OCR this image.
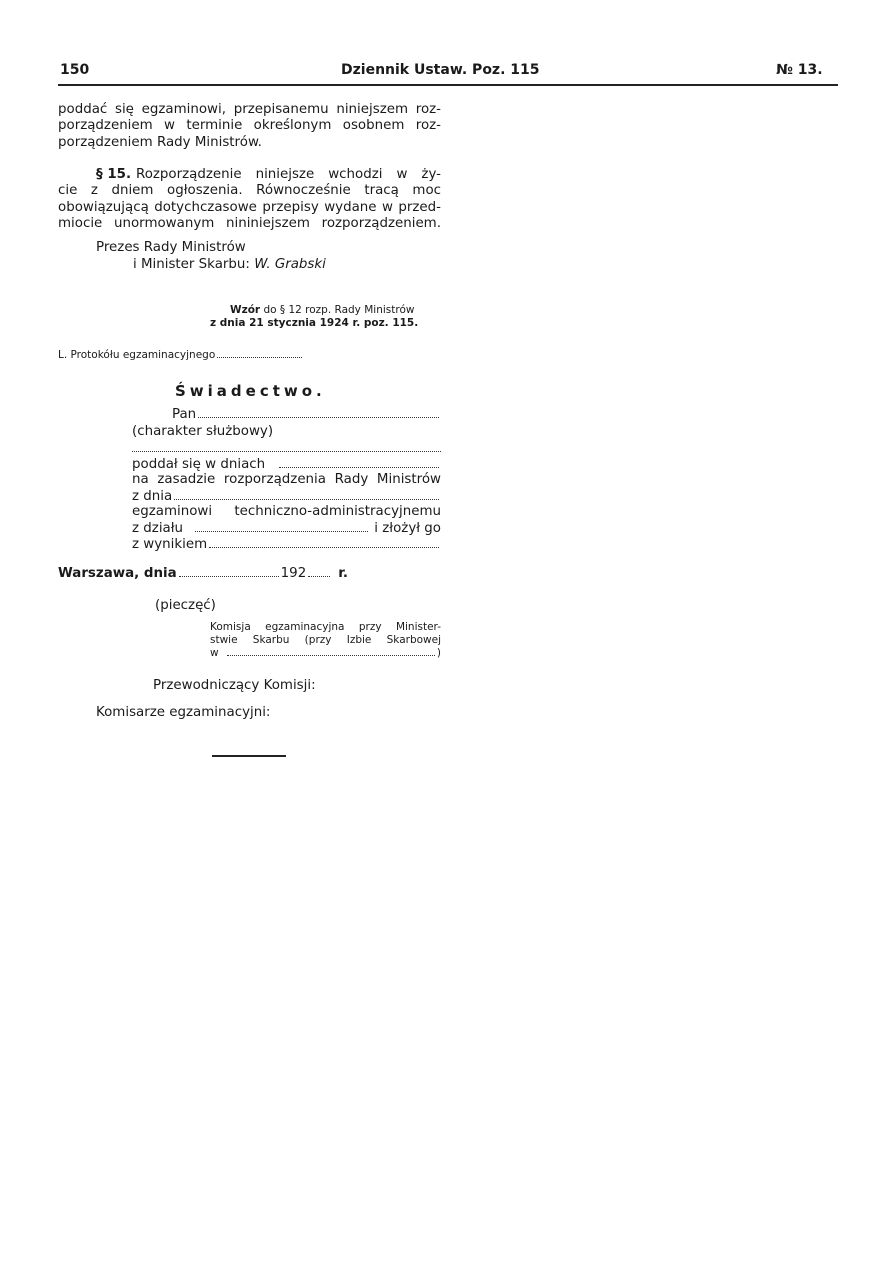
150	Dziennik Ustaw. Poz. 115	№ 13.
poddać się egzaminowi, przepisanemu niniejszem roz-
porządzeniem w terminie określonym osobnem roz-
porządzeniem Rady Ministrów.
§ 15. Rozporządzenie niniejsze wchodzi w ży-
cie z dniem ogłoszenia. Równocześnie tracą moc
obowiązującą dotychczasowe przepisy wydane w przed-
miocie unormowanym nininiejszem rozporządzeniem.
Prezes Rady Ministrów
i Minister Skarbu: W. Grabski
Wzór do § 12 rozp. Rady Ministrów
z dnia 21 stycznia 1924 r. poz. 115.
L. Protokółu egzaminacyjnego
Świadectwo.
Pan
(charakter służbowy)
poddał się w dniach
na zasadzie rozporządzenia Rady Ministrów
z dnia
egzaminowi techniczno-administracyjnemu
z działu	i złożył go
z wynikiem
Warszawa, dnia	192 r.
(pieczęć)
Komisja egzaminacyjna przy Minister-
stwie Skarbu (przy Izbie Skarbowej
w	)
Przewodniczący Komisji:
Komisarze egzaminacyjni:
